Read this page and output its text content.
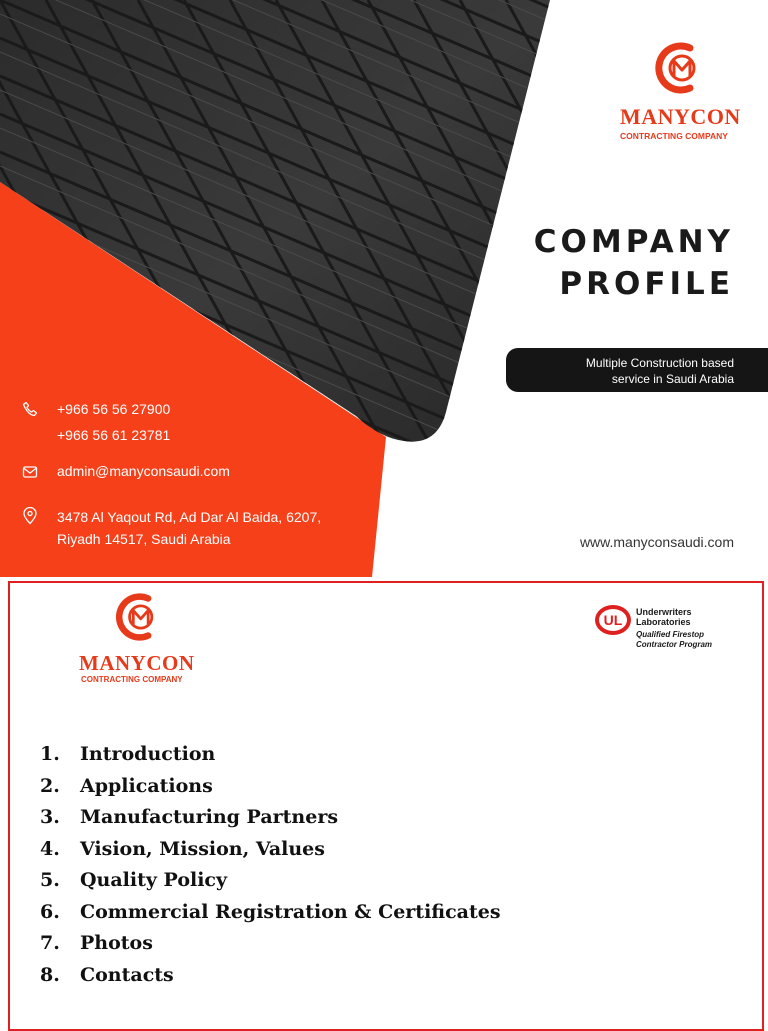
MANYCON
CONTRACTING COMPANY
COMPANY
PROFILE
Multiple Construction based
service in Saudi Arabia
www.manyconsaudi.com
+966 56 56 27900
+966 56 61 23781
admin@manyconsaudi.com
3478 Al Yaqout Rd, Ad Dar Al Baida, 6207,
Riyadh 14517, Saudi Arabia
MANYCON
CONTRACTING COMPANY
UL Underwriters
Laboratories
Qualified Firestop
Contractor Program
1.	Introduction
2.	Applications
3.	Manufacturing Partners
4.	Vision, Mission, Values
5.	Quality Policy
6.	Commercial Registration & Certificates
7.	Photos
8.	Contacts
